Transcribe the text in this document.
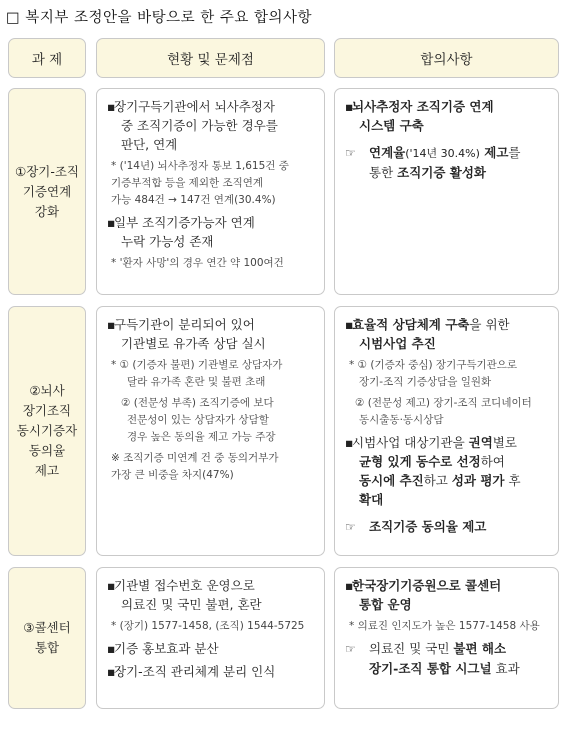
□ 복지부 조정안을 바탕으로 한 주요 합의사항
과 제	현황 및 문제점	합의사항
①장기-조직
기증연계
강화
▪장기구득기관에서 뇌사추정자
중 조직기증이 가능한 경우를
판단, 연계
* ('14년) 뇌사추정자 통보 1,615건 중
기증부적합 등을 제외한 조직연계
가능 484건 → 147건 연계(30.4%)
▪일부 조직기증가능자 연계
누락 가능성 존재
* '환자 사망'의 경우 연간 약 100여건
▪뇌사추정자 조직기증 연계
시스템 구축
☞ 연계율('14년 30.4%) 제고를
통한 조직기증 활성화
②뇌사
장기조직
동시기증자
동의율
제고
▪구득기관이 분리되어 있어
기관별로 유가족 상담 실시
* ① (기증자 불편) 기관별로 상담자가
달라 유가족 혼란 및 불편 초래
② (전문성 부족) 조직기증에 보다
전문성이 있는 상담자가 상담할
경우 높은 동의율 제고 가능 주장
※ 조직기증 미연계 건 중 동의거부가
가장 큰 비중을 차지(47%)
▪효율적 상담체계 구축을 위한
시범사업 추진
* ① (기증자 중심) 장기구득기관으로
장기-조직 기증상담을 일원화
② (전문성 제고) 장기-조직 코디네이터
동시출동·동시상담
▪시범사업 대상기관을 권역별로
균형 있게 동수로 선정하여
동시에 추진하고 성과 평가 후
확대
☞ 조직기증 동의율 제고
③콜센터
통합
▪기관별 접수번호 운영으로
의료진 및 국민 불편, 혼란
* (장기) 1577-1458, (조직) 1544-5725
▪기증 홍보효과 분산
▪장기-조직 관리체계 분리 인식
▪한국장기기증원으로 콜센터
통합 운영
* 의료진 인지도가 높은 1577-1458 사용
☞ 의료진 및 국민 불편 해소
장기-조직 통합 시그널 효과
